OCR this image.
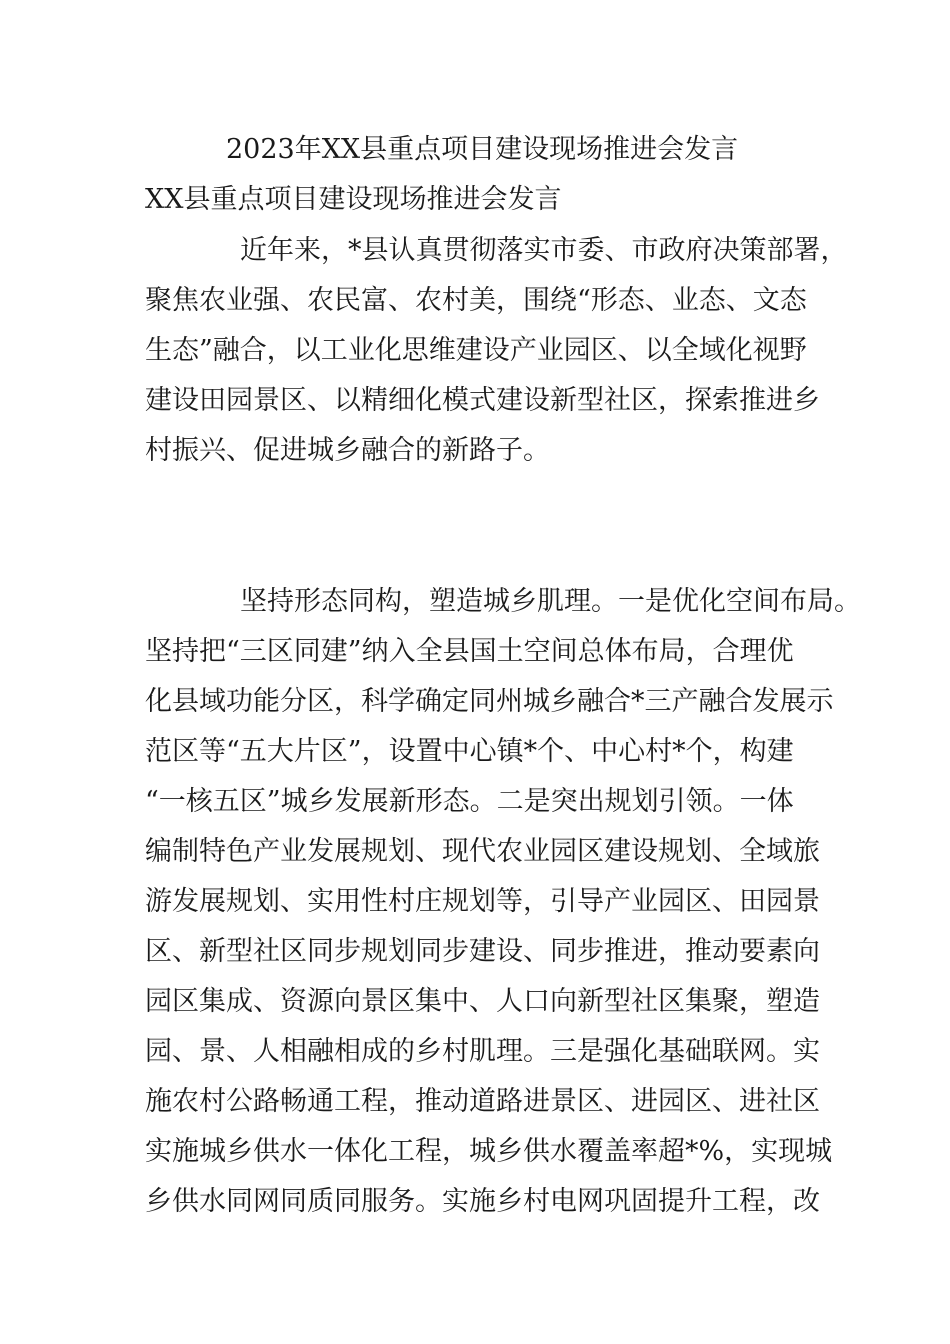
2023年XX县重点项目建设现场推进会发言
XX县重点项目建设现场推进会发言
近年来，*县认真贯彻落实市委、市政府决策部署，
聚焦农业强、农民富、农村美，围绕“形态、业态、文态
生态”融合，以工业化思维建设产业园区、以全域化视野
建设田园景区、以精细化模式建设新型社区，探索推进乡
村振兴、促进城乡融合的新路子。
坚持形态同构，塑造城乡肌理。一是优化空间布局。
坚持把“三区同建”纳入全县国土空间总体布局，合理优
化县域功能分区，科学确定同州城乡融合*三产融合发展示
范区等“五大片区”，设置中心镇*个、中心村*个，构建
“一核五区”城乡发展新形态。二是突出规划引领。一体
编制特色产业发展规划、现代农业园区建设规划、全域旅
游发展规划、实用性村庄规划等，引导产业园区、田园景
区、新型社区同步规划同步建设、同步推进，推动要素向
园区集成、资源向景区集中、人口向新型社区集聚，塑造
园、景、人相融相成的乡村肌理。三是强化基础联网。实
施农村公路畅通工程，推动道路进景区、进园区、进社区
实施城乡供水一体化工程，城乡供水覆盖率超*%，实现城
乡供水同网同质同服务。实施乡村电网巩固提升工程，改
